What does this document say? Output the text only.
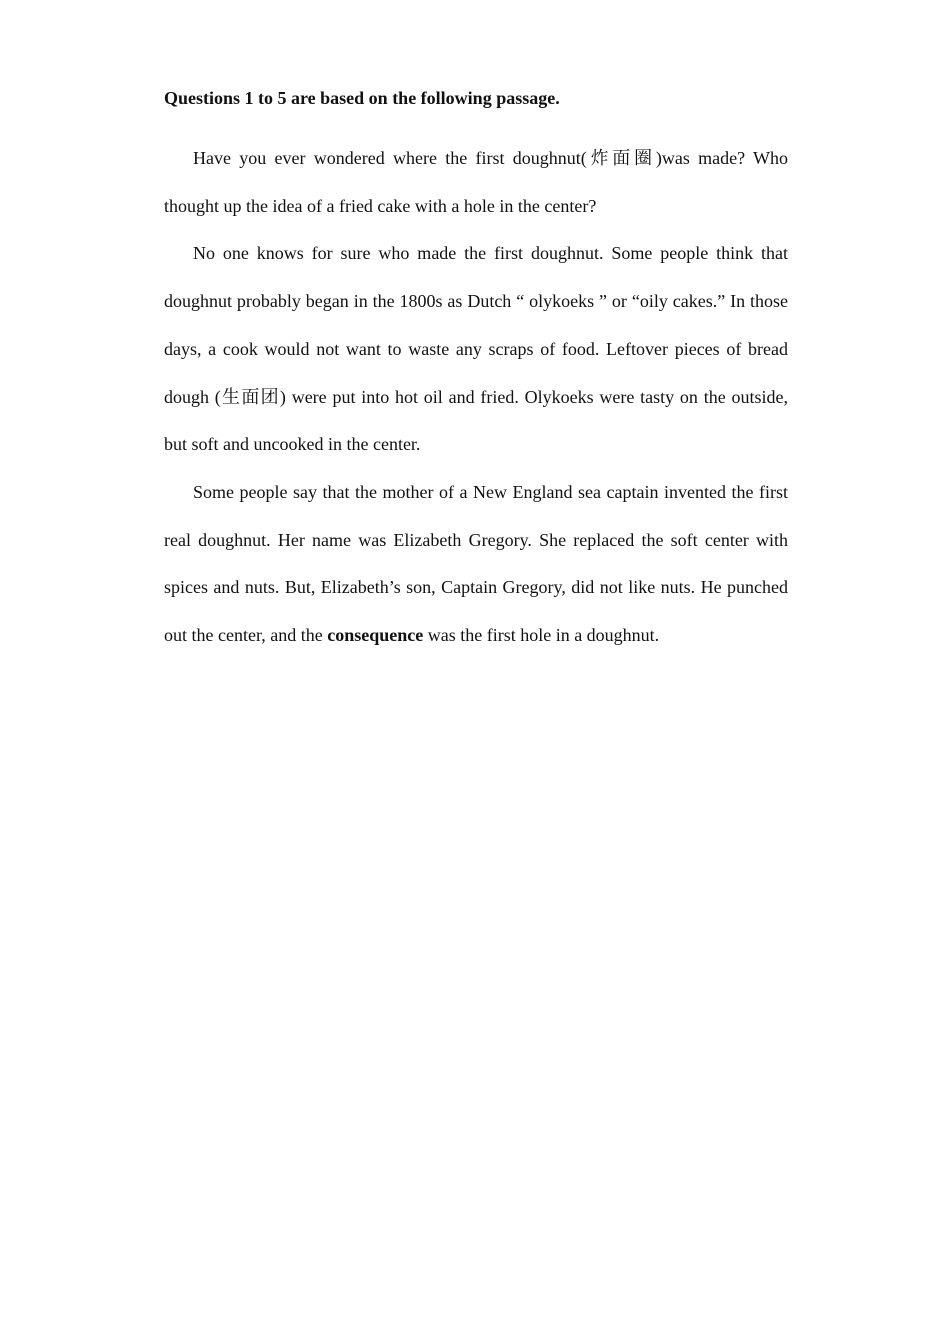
Questions 1 to 5 are based on the following passage.

Have you ever wondered where the first doughnut(炸面圈)was made? Who thought up the idea of a fried cake with a hole in the center?

No one knows for sure who made the first doughnut. Some people think that doughnut probably began in the 1800s as Dutch “ olykoeks ” or “oily cakes.” In those days, a cook would not want to waste any scraps of food. Leftover pieces of bread dough (生面团) were put into hot oil and fried. Olykoeks were tasty on the outside, but soft and uncooked in the center.

Some people say that the mother of a New England sea captain invented the first real doughnut. Her name was Elizabeth Gregory. She replaced the soft center with spices and nuts. But, Elizabeth’s son, Captain Gregory, did not like nuts. He punched out the center, and the consequence was the first hole in a doughnut.
